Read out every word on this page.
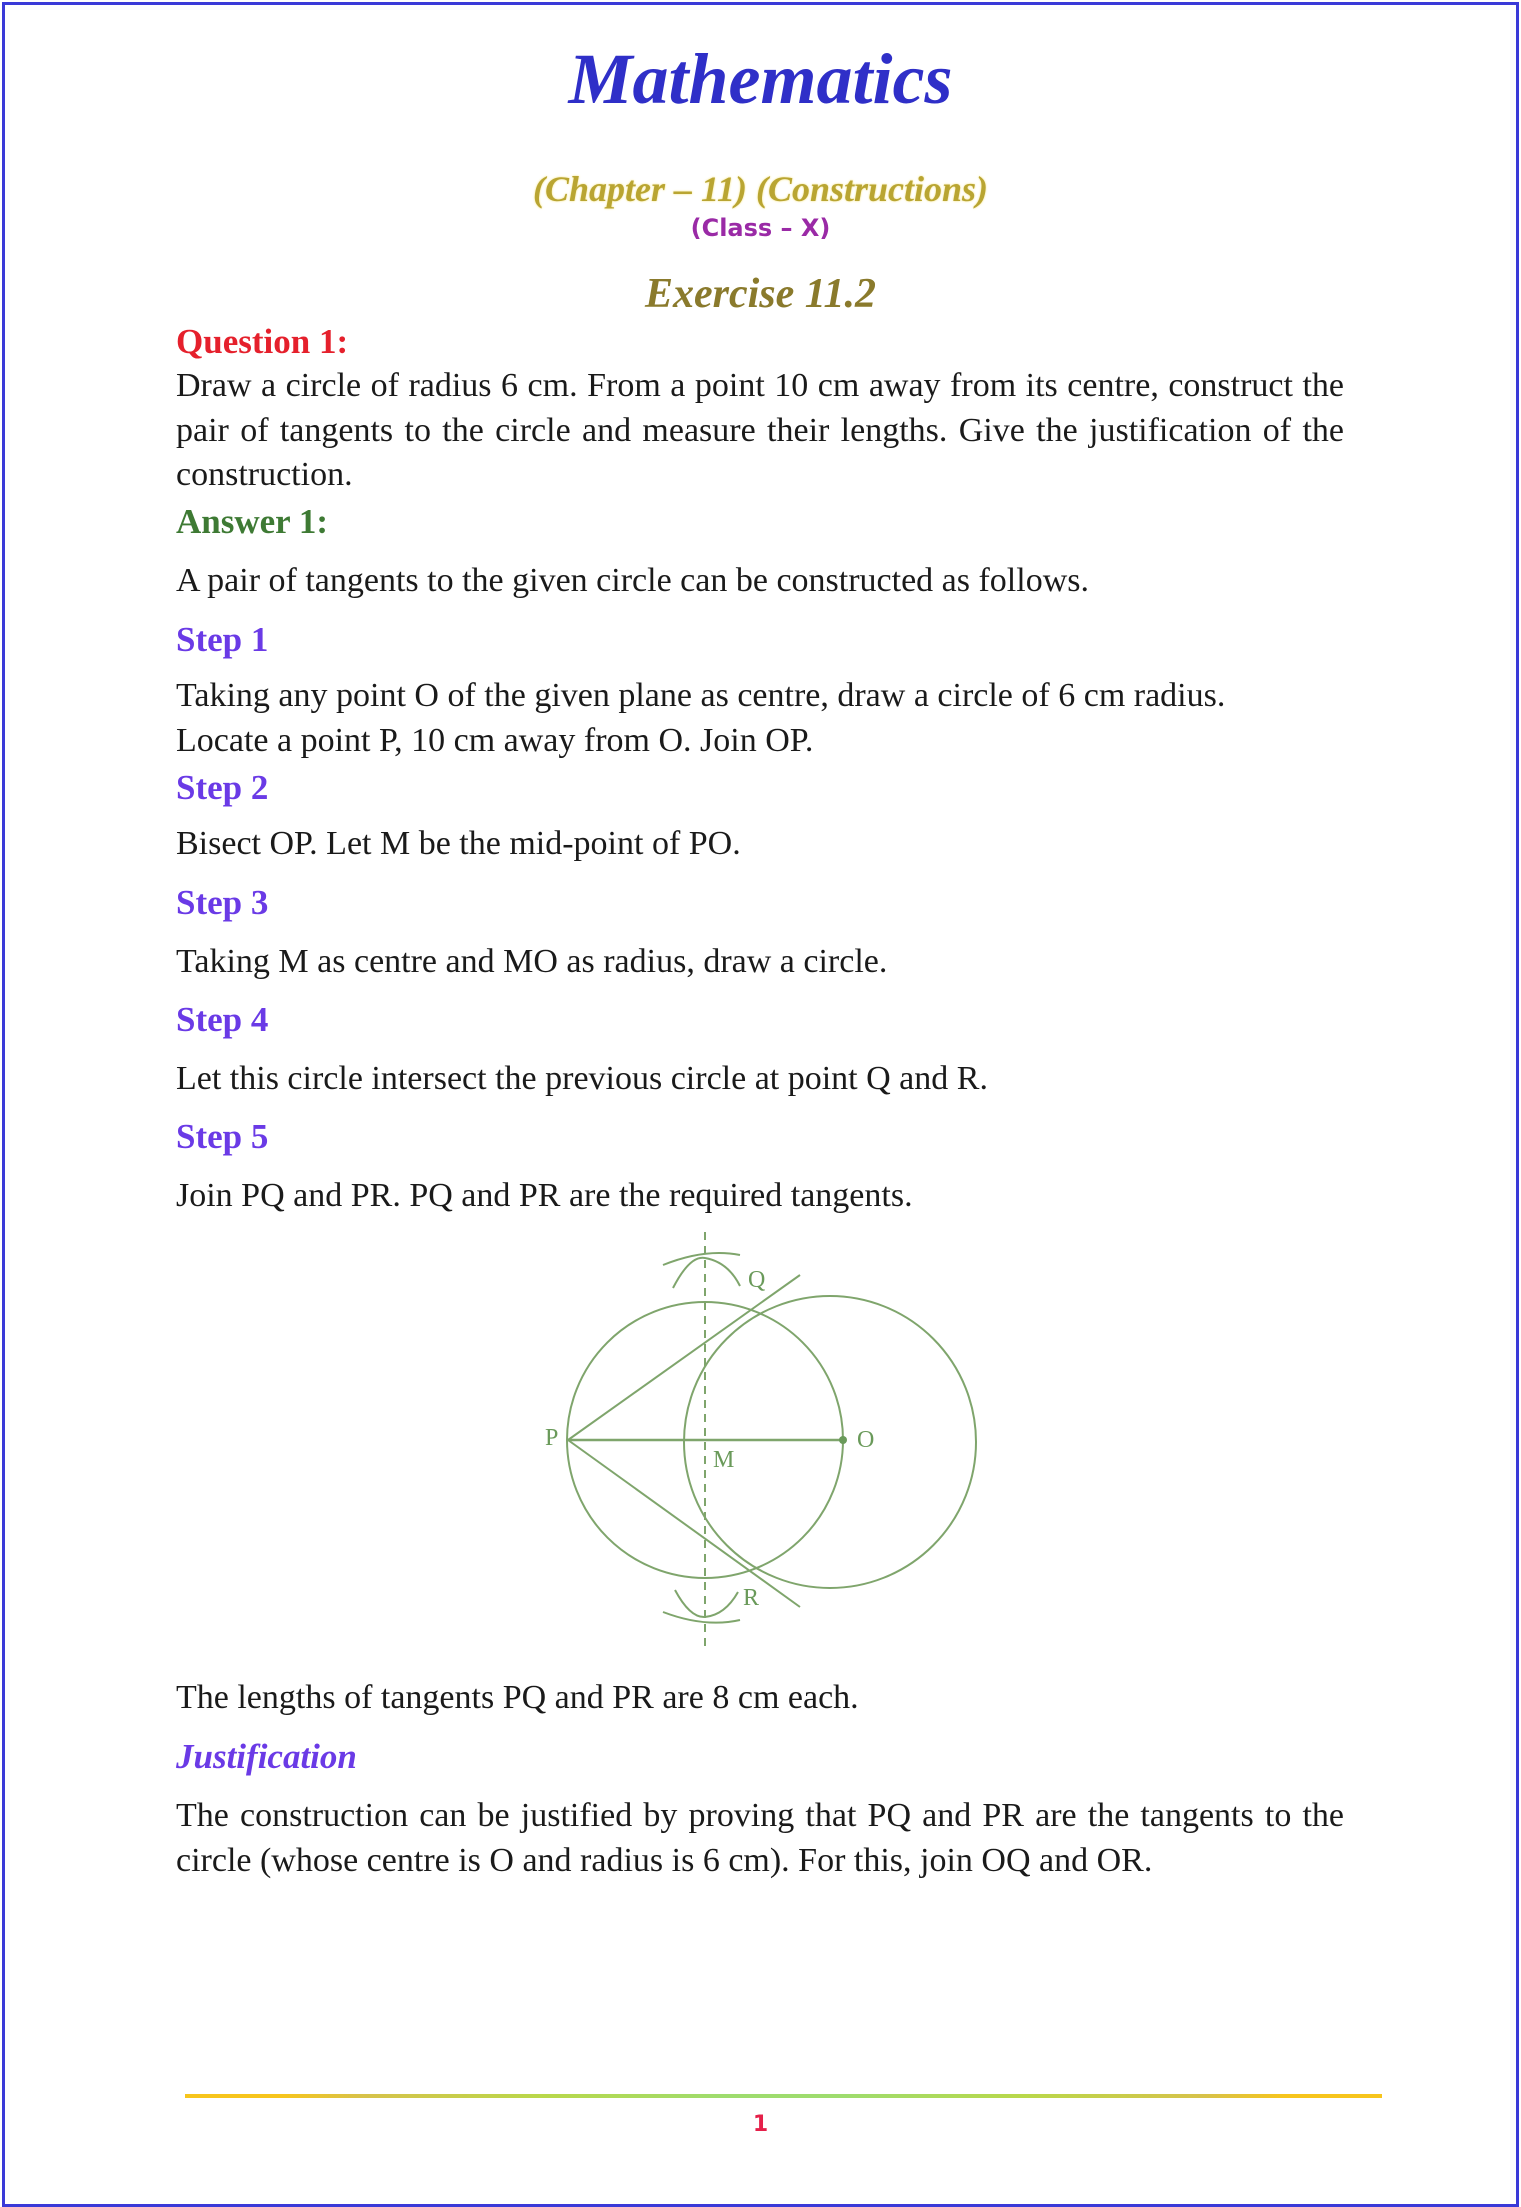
Mathematics
(Chapter – 11) (Constructions)
(Class – X)
Exercise 11.2
Question 1:
Draw a circle of radius 6 cm. From a point 10 cm away from its centre, construct the pair of tangents to the circle and measure their lengths. Give the justification of the construction.
Answer 1:
A pair of tangents to the given circle can be constructed as follows.
Step 1
Taking any point O of the given plane as centre, draw a circle of 6 cm radius.
Locate a point P, 10 cm away from O. Join OP.
Step 2
Bisect OP. Let M be the mid-point of PO.
Step 3
Taking M as centre and MO as radius, draw a circle.
Step 4
Let this circle intersect the previous circle at point Q and R.
Step 5
Join PQ and PR. PQ and PR are the required tangents.
P
Q
R
M
O
The lengths of tangents PQ and PR are 8 cm each.
Justification
The construction can be justified by proving that PQ and PR are the tangents to the circle (whose centre is O and radius is 6 cm). For this, join OQ and OR.
1
